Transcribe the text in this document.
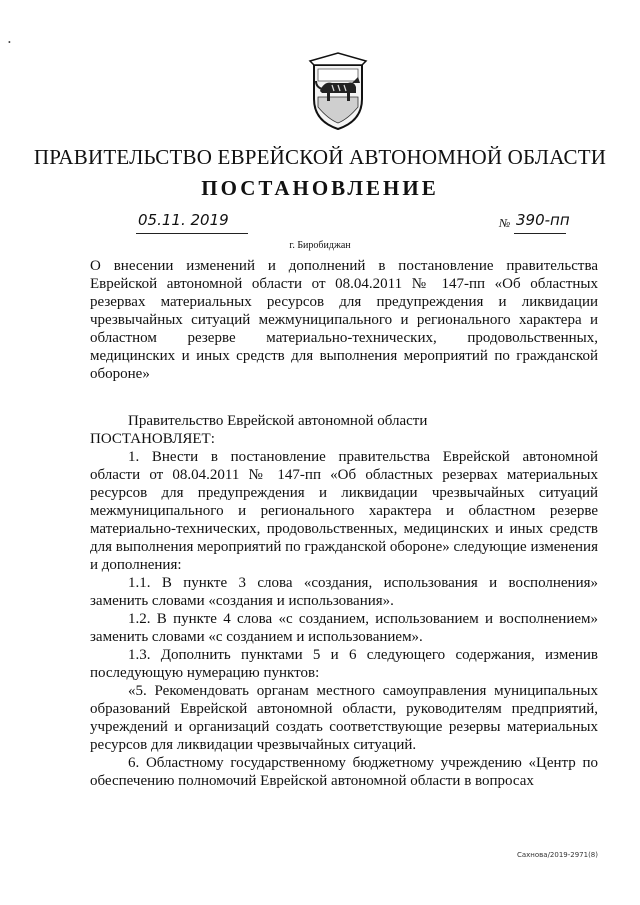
•
ПРАВИТЕЛЬСТВО ЕВРЕЙСКОЙ АВТОНОМНОЙ ОБЛАСТИ
ПОСТАНОВЛЕНИЕ
05.11. 2019	№ 390-пп
г. Биробиджан
О внесении изменений и дополнений в постановление правительства Еврейской автономной области от 08.04.2011 № 147-пп «Об областных резервах материальных ресурсов для предупреждения и ликвидации чрезвычайных ситуаций межмуниципального и регионального характера и областном резерве материально-технических, продовольственных, медицинских и иных средств для выполнения мероприятий по гражданской обороне»

Правительство Еврейской автономной области

ПОСТАНОВЛЯЕТ:

1. Внести в постановление правительства Еврейской автономной области от 08.04.2011 № 147-пп «Об областных резервах материальных ресурсов для предупреждения и ликвидации чрезвычайных ситуаций межмуниципального и регионального характера и областном резерве материально-технических, продовольственных, медицинских и иных средств для выполнения мероприятий по гражданской обороне» следующие изменения и дополнения:

1.1. В пункте 3 слова «создания, использования и восполнения» заменить словами «создания и использования».

1.2. В пункте 4 слова «с созданием, использованием и восполнением» заменить словами «с созданием и использованием».

1.3. Дополнить пунктами 5 и 6 следующего содержания, изменив последующую нумерацию пунктов:

«5. Рекомендовать органам местного самоуправления муниципальных образований Еврейской автономной области, руководителям предприятий, учреждений и организаций создать соответствующие резервы материальных ресурсов для ликвидации чрезвычайных ситуаций.

6. Областному государственному бюджетному учреждению «Центр по обеспечению полномочий Еврейской автономной области в вопросах

Сахнова/2019-2971(8)
